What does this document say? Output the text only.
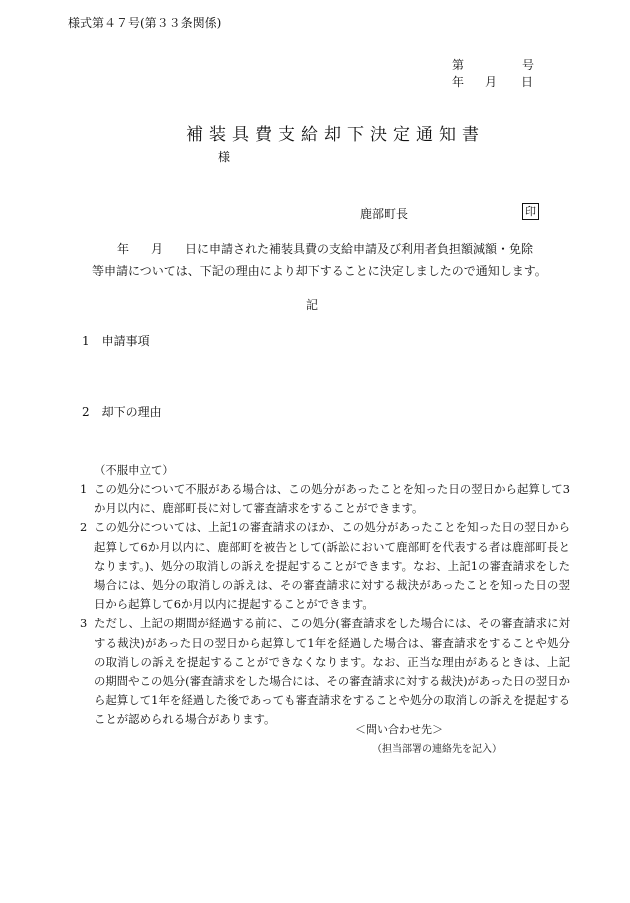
様式第４７号(第３３条関係)
第	号
年 月 日
補装具費支給却下決定通知書
様
鹿部町長	印
年 月 日に申請された補装具費の支給申請及び利用者負担額減額・免除
等申請については、下記の理由により却下することに決定しましたので通知します。
記
1　申請事項
2　却下の理由
（不服申立て）
1 この処分について不服がある場合は、この処分があったことを知った日の翌日から起算して3か月以内に、鹿部町長に対して審査請求をすることができます。
2 この処分については、上記1の審査請求のほか、この処分があったことを知った日の翌日から起算して6か月以内に、鹿部町を被告として(訴訟において鹿部町を代表する者は鹿部町長となります。)、処分の取消しの訴えを提起することができます。なお、上記1の審査請求をした場合には、処分の取消しの訴えは、その審査請求に対する裁決があったことを知った日の翌日から起算して6か月以内に提起することができます。
3 ただし、上記の期間が経過する前に、この処分(審査請求をした場合には、その審査請求に対する裁決)があった日の翌日から起算して1年を経過した場合は、審査請求をすることや処分の取消しの訴えを提起することができなくなります。なお、正当な理由があるときは、上記の期間やこの処分(審査請求をした場合には、その審査請求に対する裁決)があった日の翌日から起算して1年を経過した後であっても審査請求をすることや処分の取消しの訴えを提起することが認められる場合があります。
＜問い合わせ先＞
（担当部署の連絡先を記入）
